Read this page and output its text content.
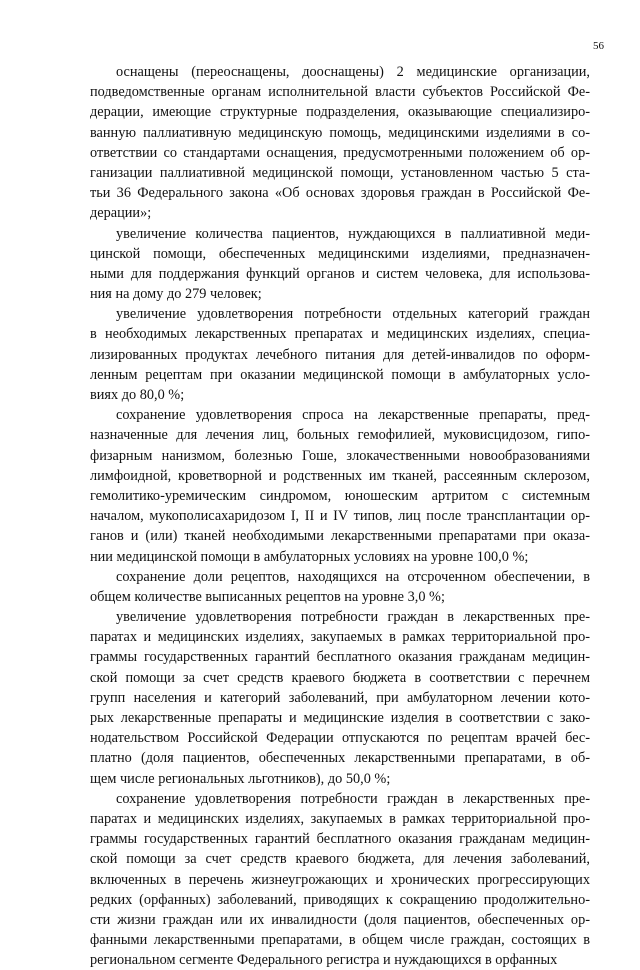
56
оснащены (переоснащены, дооснащены) 2 медицинские организации,
подведомственные органам исполнительной власти субъектов Российской Фе-
дерации, имеющие структурные подразделения, оказывающие специализиро-
ванную паллиативную медицинскую помощь, медицинскими изделиями в со-
ответствии со стандартами оснащения, предусмотренными положением об ор-
ганизации паллиативной медицинской помощи, установленном частью 5 ста-
тьи 36 Федерального закона «Об основах здоровья граждан в Российской Фе-
дерации»;
увеличение количества пациентов, нуждающихся в паллиативной меди-
цинской помощи, обеспеченных медицинскими изделиями, предназначен-
ными для поддержания функций органов и систем человека, для использова-
ния на дому до 279 человек;
увеличение удовлетворения потребности отдельных категорий граждан
в необходимых лекарственных препаратах и медицинских изделиях, специа-
лизированных продуктах лечебного питания для детей-инвалидов по оформ-
ленным рецептам при оказании медицинской помощи в амбулаторных усло-
виях до 80,0 %;
сохранение удовлетворения спроса на лекарственные препараты, пред-
назначенные для лечения лиц, больных гемофилией, муковисцидозом, гипо-
физарным нанизмом, болезнью Гоше, злокачественными новообразованиями
лимфоидной, кроветворной и родственных им тканей, рассеянным склерозом,
гемолитико-уремическим синдромом, юношеским артритом с системным
началом, мукополисахаридозом I, II и IV типов, лиц после трансплантации ор-
ганов и (или) тканей необходимыми лекарственными препаратами при оказа-
нии медицинской помощи в амбулаторных условиях на уровне 100,0 %;
сохранение доли рецептов, находящихся на отсроченном обеспечении, в
общем количестве выписанных рецептов на уровне 3,0 %;
увеличение удовлетворения потребности граждан в лекарственных пре-
паратах и медицинских изделиях, закупаемых в рамках территориальной про-
граммы государственных гарантий бесплатного оказания гражданам медицин-
ской помощи за счет средств краевого бюджета в соответствии с перечнем
групп населения и категорий заболеваний, при амбулаторном лечении кото-
рых лекарственные препараты и медицинские изделия в соответствии с зако-
нодательством Российской Федерации отпускаются по рецептам врачей бес-
платно (доля пациентов, обеспеченных лекарственными препаратами, в об-
щем числе региональных льготников), до 50,0 %;
сохранение удовлетворения потребности граждан в лекарственных пре-
паратах и медицинских изделиях, закупаемых в рамках территориальной про-
граммы государственных гарантий бесплатного оказания гражданам медицин-
ской помощи за счет средств краевого бюджета, для лечения заболеваний,
включенных в перечень жизнеугрожающих и хронических прогрессирующих
редких (орфанных) заболеваний, приводящих к сокращению продолжительно-
сти жизни граждан или их инвалидности (доля пациентов, обеспеченных ор-
фанными лекарственными препаратами, в общем числе граждан, состоящих в
региональном сегменте Федерального регистра и нуждающихся в орфанных
